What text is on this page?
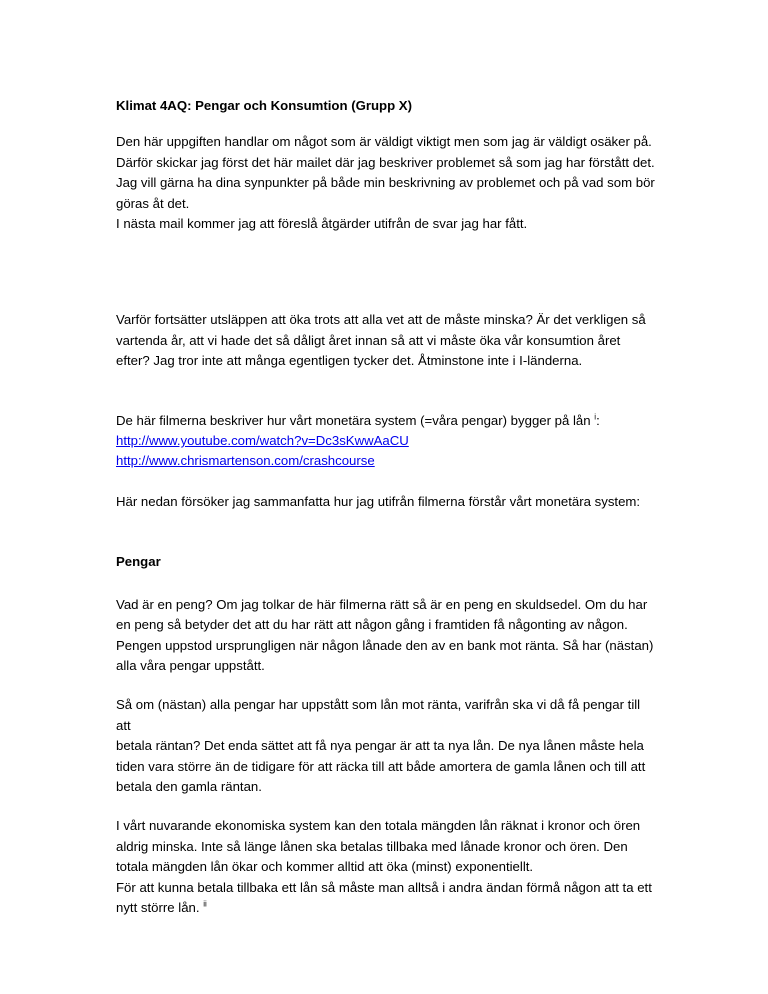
Klimat 4AQ: Pengar och Konsumtion (Grupp X)

Den här uppgiften handlar om något som är väldigt viktigt men som jag är väldigt osäker på.
Därför skickar jag först det här mailet där jag beskriver problemet så som jag har förstått det.
Jag vill gärna ha dina synpunkter på både min beskrivning av problemet och på vad som bör
göras åt det.
I nästa mail kommer jag att föreslå åtgärder utifrån de svar jag har fått.

Varför fortsätter utsläppen att öka trots att alla vet att de måste minska? Är det verkligen så
vartenda år, att vi hade det så dåligt året innan så att vi måste öka vår konsumtion året
efter? Jag tror inte att många egentligen tycker det. Åtminstone inte i I-länderna.

De här filmerna beskriver hur vårt monetära system (=våra pengar) bygger på lån $^i$:

http://www.youtube.com/watch?v=Dc3sKwwAaCU
http://www.chrismartenson.com/crashcourse

Här nedan försöker jag sammanfatta hur jag utifrån filmerna förstår vårt monetära system:

Pengar

Vad är en peng? Om jag tolkar de här filmerna rätt så är en peng en skuldsedel. Om du har
en peng så betyder det att du har rätt att någon gång i framtiden få någonting av någon.
Pengen uppstod ursprungligen när någon lånade den av en bank mot ränta. Så har (nästan)
alla våra pengar uppstått.

Så om (nästan) alla pengar har uppstått som lån mot ränta, varifrån ska vi då få pengar till att
betala räntan? Det enda sättet att få nya pengar är att ta nya lån. De nya lånen måste hela
tiden vara större än de tidigare för att räcka till att både amortera de gamla lånen och till att
betala den gamla räntan.

I vårt nuvarande ekonomiska system kan den totala mängden lån räknat i kronor och ören
aldrig minska. Inte så länge lånen ska betalas tillbaka med lånade kronor och ören. Den
totala mängden lån ökar och kommer alltid att öka (minst) exponentiellt.
För att kunna betala tillbaka ett lån så måste man alltså i andra ändan förmå någon att ta ett
nytt större lån. $^{ii}$
